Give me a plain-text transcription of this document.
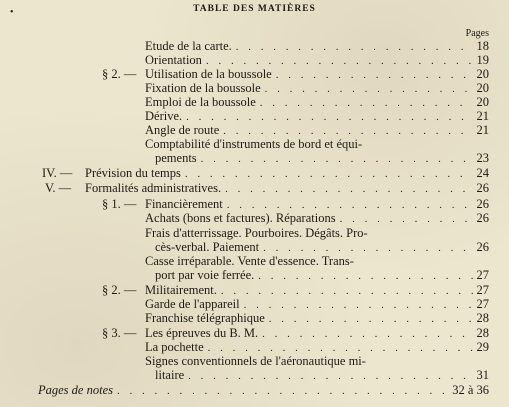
•	TABLE DES MATIÈRES
Pages
Etude de la carte. . . .	18
Orientation . . .	19
§ 2. — Utilisation de la boussole . . .	20
Fixation de la boussole . . .	20
Emploi de la boussole . . .	20
Dérive. . . .	21
Angle de route . . .	21
Comptabilité d'instruments de bord et équi-
pements . . .	23
IV. — Prévision du temps . . .	24
V. — Formalités administratives. . . .	26
§ 1. — Financièrement . . .	26
Achats (bons et factures). Réparations . . .	26
Frais d'atterrissage. Pourboires. Dégâts. Pro-
cès-verbal. Paiement . . .	26
Casse irréparable. Vente d'essence. Trans-
port par voie ferrée. . . .	27
§ 2. — Militairement. . . .	27
Garde de l'appareil . . .	27
Franchise télégraphique . . .	28
§ 3. — Les épreuves du B. M. . . .	28
La pochette . . .	29
Signes conventionnels de l'aéronautique mi-
litaire . . .	31
Pages de notes . . .	32 à 36
